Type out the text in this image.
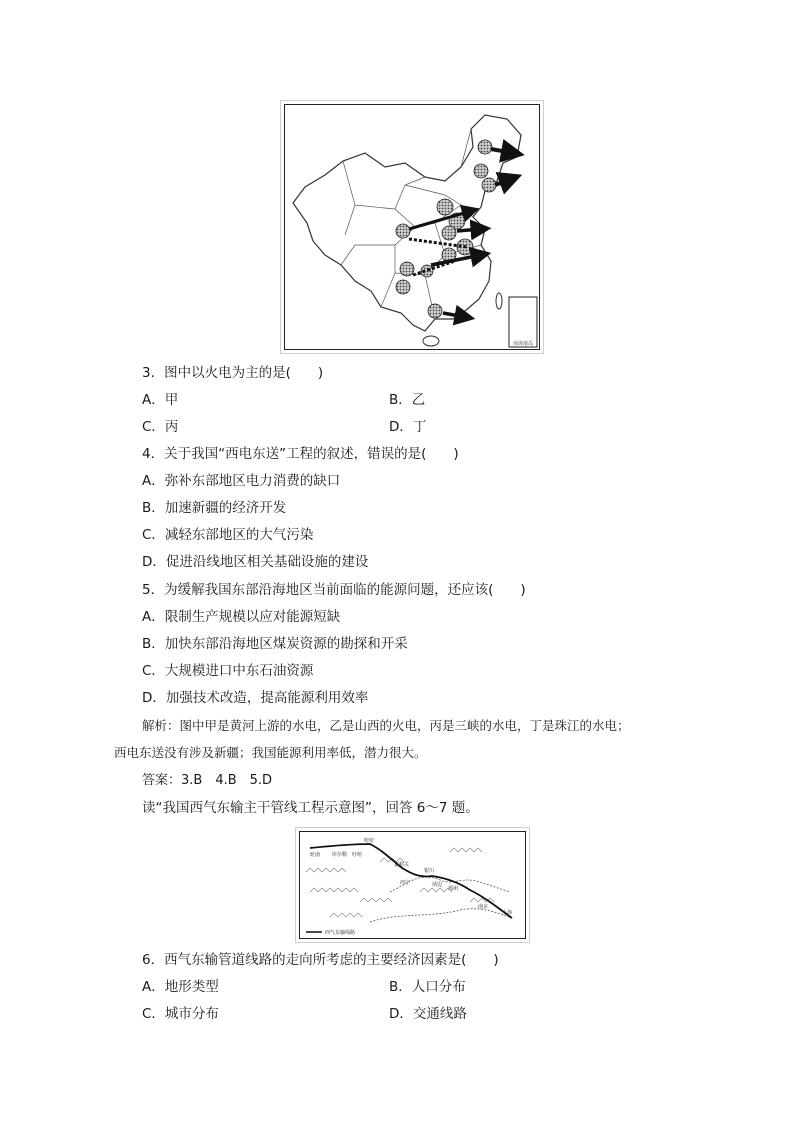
南海诸岛
3．图中以火电为主的是(　　)
A．甲	B．乙
C．丙	D．丁
4．关于我国“西电东送”工程的叙述，错误的是(　　)
A．弥补东部地区电力消费的缺口
B．加速新疆的经济开发
C．减轻东部地区的大气污染
D．促进沿线地区相关基础设施的建设
5．为缓解我国东部沿海地区当前面临的能源问题，还应该(　　)
A．限制生产规模以应对能源短缺
B．加快东部沿海地区煤炭资源的勘探和开采
C．大规模进口中东石油资源
D．加强技术改造，提高能源利用效率
解析：图中甲是黄河上游的水电，乙是山西的火电，丙是三峡的水电，丁是珠江的水电；
西电东送没有涉及新疆；我国能源利用率低，潜力很大。
答案：3.B　4.B　5.D
读“我国西气东输主干管线工程示意图”，回答 6～7 题。
轮南 库尔勒 吐哈
哈密
嘉峪关
西宁
银川
靖边
郑州
南京
上海
西气东输线路
6．西气东输管道线路的走向所考虑的主要经济因素是(　　)
A．地形类型	B．人口分布
C．城市分布	D．交通线路
